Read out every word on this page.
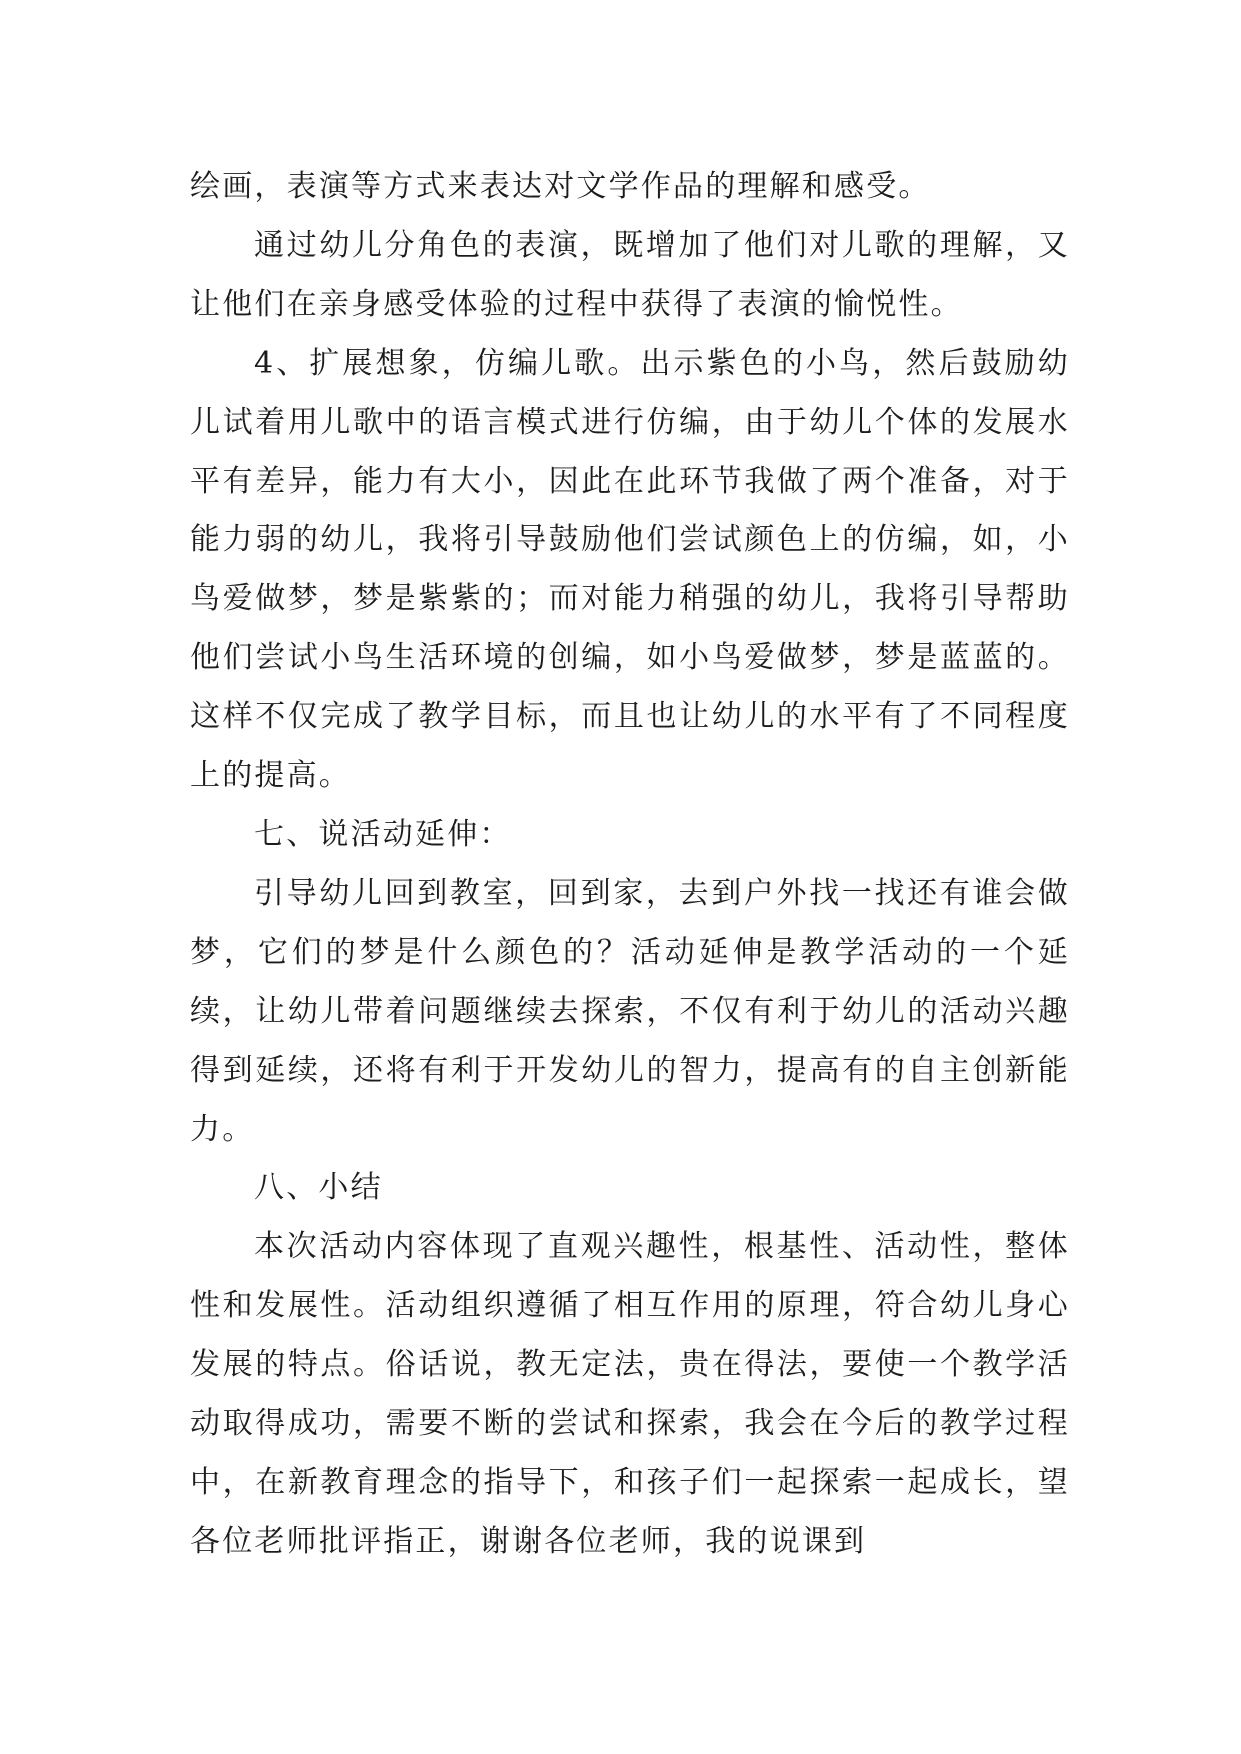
绘画，表演等方式来表达对文学作品的理解和感受。

通过幼儿分角色的表演，既增加了他们对儿歌的理解，又让他们在亲身感受体验的过程中获得了表演的愉悦性。

4、扩展想象，仿编儿歌。出示紫色的小鸟，然后鼓励幼儿试着用儿歌中的语言模式进行仿编，由于幼儿个体的发展水平有差异，能力有大小，因此在此环节我做了两个准备，对于能力弱的幼儿，我将引导鼓励他们尝试颜色上的仿编，如，小鸟爱做梦，梦是紫紫的；而对能力稍强的幼儿，我将引导帮助他们尝试小鸟生活环境的创编，如小鸟爱做梦，梦是蓝蓝的。这样不仅完成了教学目标，而且也让幼儿的水平有了不同程度上的提高。

七、说活动延伸：

引导幼儿回到教室，回到家，去到户外找一找还有谁会做梦，它们的梦是什么颜色的？活动延伸是教学活动的一个延续，让幼儿带着问题继续去探索，不仅有利于幼儿的活动兴趣得到延续，还将有利于开发幼儿的智力，提高有的自主创新能力。

八、小结

本次活动内容体现了直观兴趣性，根基性、活动性，整体性和发展性。活动组织遵循了相互作用的原理，符合幼儿身心发展的特点。俗话说，教无定法，贵在得法，要使一个教学活动取得成功，需要不断的尝试和探索，我会在今后的教学过程中，在新教育理念的指导下，和孩子们一起探索一起成长，望各位老师批评指正，谢谢各位老师，我的说课到
